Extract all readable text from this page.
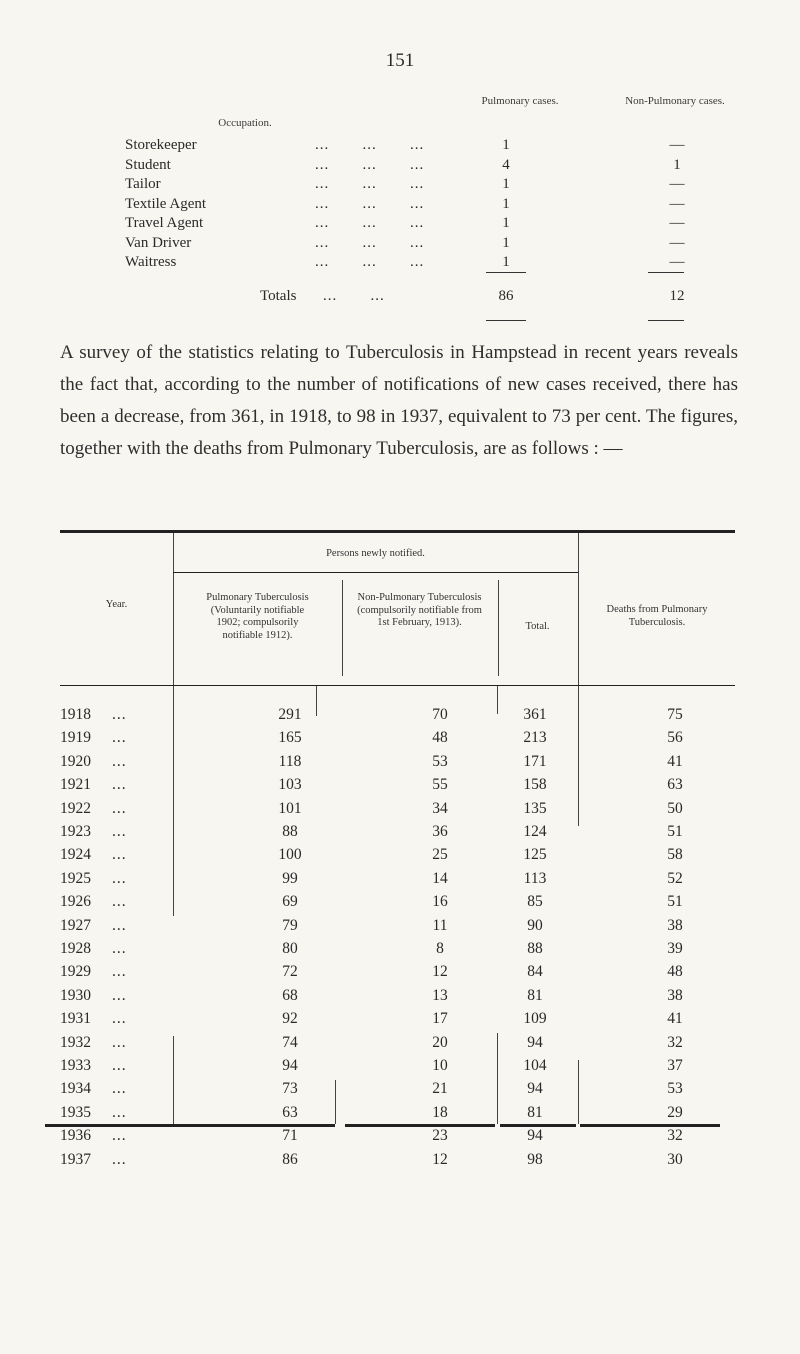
151
Occupation.
Pulmonary cases.	Non-Pulmonary cases.
Storekeeper	...       ...       ...	1	—
Student	...       ...       ...	4	1
Tailor	...       ...       ...	1	—
Textile Agent	...       ...       ...	1	—
Travel Agent	...       ...       ...	1	—
Van Driver	...       ...       ...	1	—
Waitress	...       ...       ...	1	—
Totals ...       ...	86	12

A survey of the statistics relating to Tuberculosis in Hampstead in recent years reveals the fact that, according to the number of notifications of new cases received, there has been a decrease, from 361, in 1918, to 98 in 1937, equivalent to 73 per cent. The figures, together with the deaths from Pulmonary Tuberculosis, are as follows : —

Year.
Persons newly notified.
Pulmonary Tuberculosis (Voluntarily notifiable 1902; compulsorily notifiable 1912).
Non-Pulmonary Tuberculosis (compulsorily notifiable from 1st February, 1913).	Total.
Deaths from Pulmonary Tuberculosis.
1918 ...	291	70	361	75
1919 ...	165	48	213	56
1920 ...	118	53	171	41
1921 ...	103	55	158	63
1922 ...	101	34	135	50
1923 ...	88	36	124	51
1924 ...	100	25	125	58
1925 ...	99	14	113	52
1926 ...	69	16	85	51
1927 ...	79	11	90	38
1928 ...	80	8	88	39
1929 ...	72	12	84	48
1930 ...	68	13	81	38
1931 ...	92	17	109	41
1932 ...	74	20	94	32
1933 ...	94	10	104	37
1934 ...	73	21	94	53
1935 ...	63	18	81	29
1936 ...	71	23	94	32
1937 ...	86	12	98	30
